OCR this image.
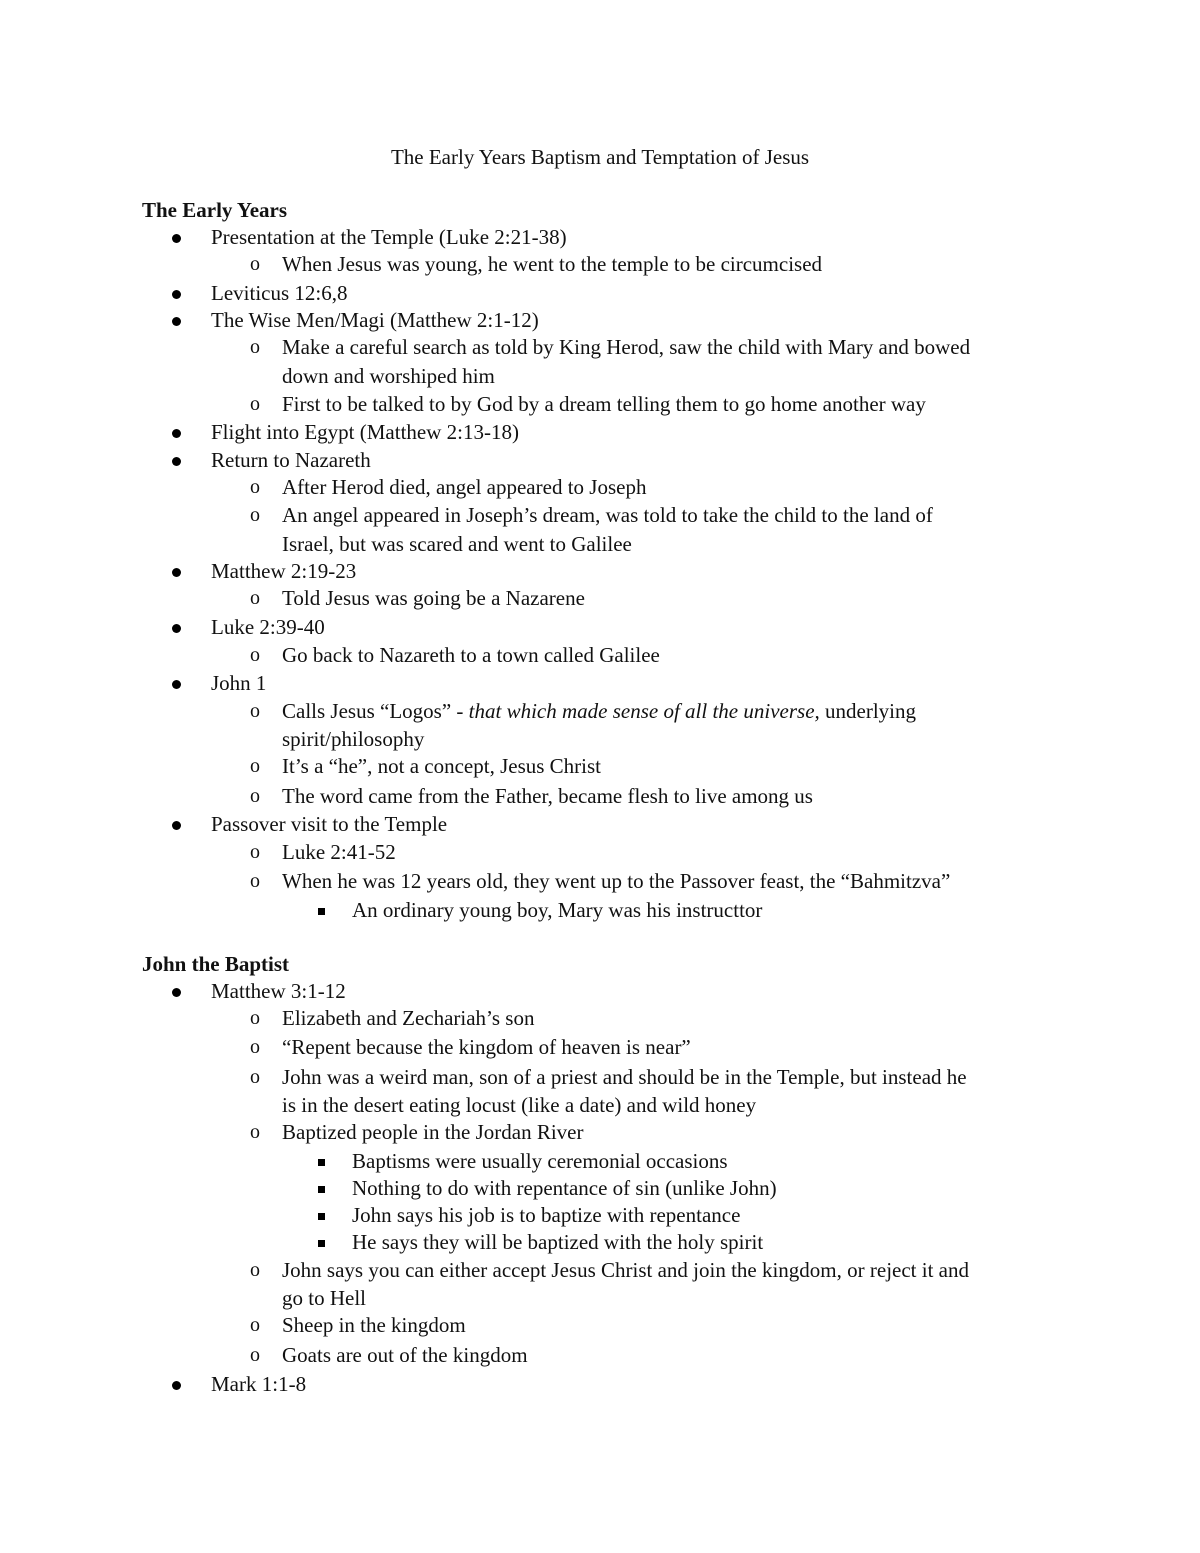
The Early Years Baptism and Temptation of Jesus
The Early Years
Presentation at the Temple (Luke 2:21-38)
o When Jesus was young, he went to the temple to be circumcised
Leviticus 12:6,8
The Wise Men/Magi (Matthew 2:1-12)
o Make a careful search as told by King Herod, saw the child with Mary and bowed
down and worshiped him
o First to be talked to by God by a dream telling them to go home another way
Flight into Egypt (Matthew 2:13-18)
Return to Nazareth
o After Herod died, angel appeared to Joseph
o An angel appeared in Joseph’s dream, was told to take the child to the land of
Israel, but was scared and went to Galilee
Matthew 2:19-23
o Told Jesus was going be a Nazarene
Luke 2:39-40
o Go back to Nazareth to a town called Galilee
John 1
o Calls Jesus “Logos” - that which made sense of all the universe, underlying
spirit/philosophy
o It’s a “he”, not a concept, Jesus Christ
o The word came from the Father, became flesh to live among us
Passover visit to the Temple
o Luke 2:41-52
o When he was 12 years old, they went up to the Passover feast, the “Bahmitzva”
An ordinary young boy, Mary was his instructtor
John the Baptist
Matthew 3:1-12
o Elizabeth and Zechariah’s son
o “Repent because the kingdom of heaven is near”
o John was a weird man, son of a priest and should be in the Temple, but instead he
is in the desert eating locust (like a date) and wild honey
o Baptized people in the Jordan River
Baptisms were usually ceremonial occasions
Nothing to do with repentance of sin (unlike John)
John says his job is to baptize with repentance
He says they will be baptized with the holy spirit
o John says you can either accept Jesus Christ and join the kingdom, or reject it and
go to Hell
o Sheep in the kingdom
o Goats are out of the kingdom
Mark 1:1-8
